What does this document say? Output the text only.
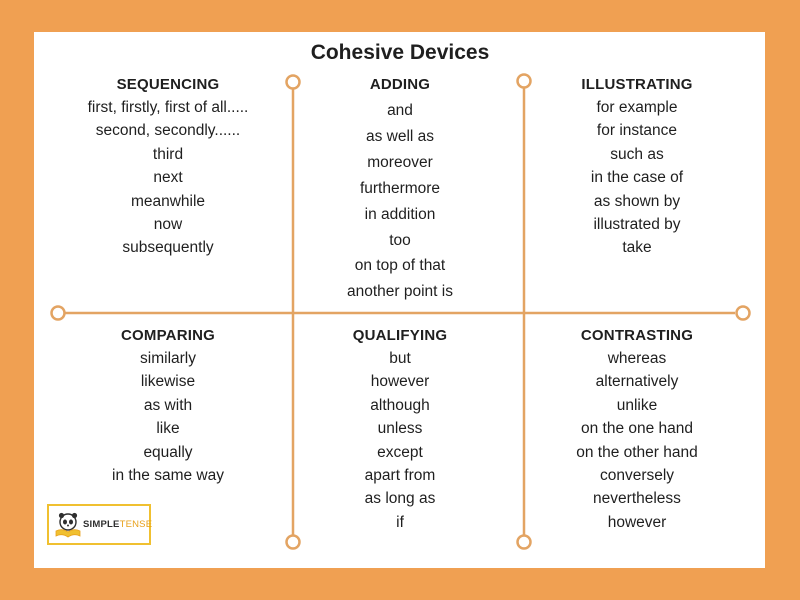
Cohesive Devices
SEQUENCING
first, firstly, first of all.....
second, secondly......
third
next
meanwhile
now
subsequently
ADDING
and
as well as
moreover
furthermore
in addition
too
on top of that
another point is
ILLUSTRATING
for example
for instance
such as
in the case of
as shown by
illustrated by
take
COMPARING
similarly
likewise
as with
like
equally
in the same way
QUALIFYING
but
however
although
unless
except
apart from
as long as
if
CONTRASTING
whereas
alternatively
unlike
on the one hand
on the other hand
conversely
nevertheless
however
SIMPLETENSE
